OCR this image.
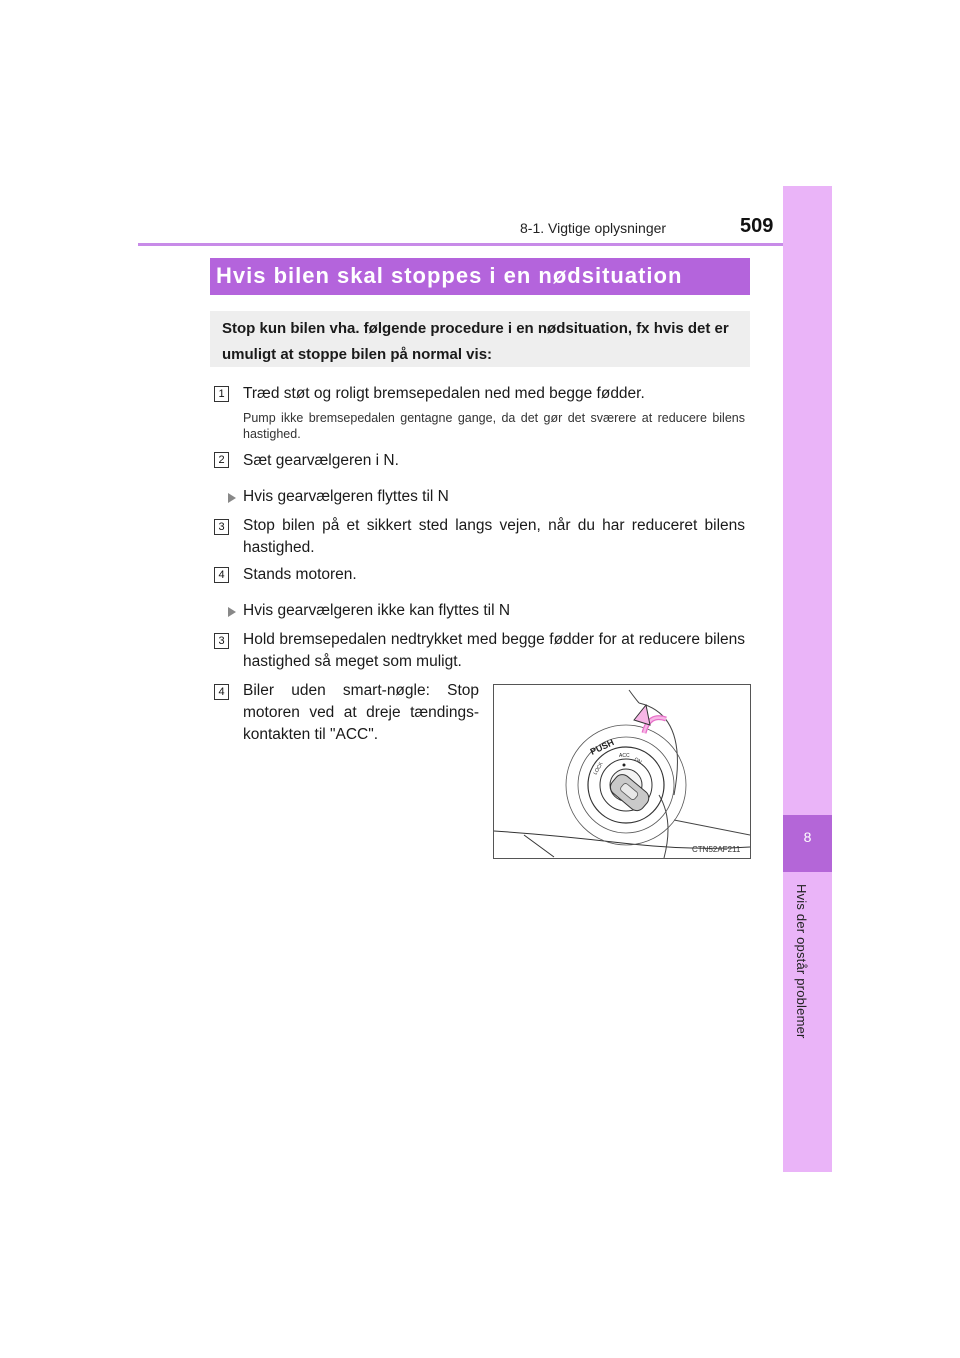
8-1. Vigtige oplysninger	509
8
Hvis der opstår problemer
Hvis bilen skal stoppes i en nødsituation
Stop kun bilen vha. følgende procedure i en nødsituation, fx hvis det er umuligt at stoppe bilen på normal vis:
1 Træd støt og roligt bremsepedalen ned med begge fødder.
Pump ikke bremsepedalen gentagne gange, da det gør det sværere at reducere bilens hastighed.
2 Sæt gearvælgeren i N.
Hvis gearvælgeren flyttes til N
3 Stop bilen på et sikkert sted langs vejen, når du har reduceret bilens hastighed.
4 Stands motoren.
Hvis gearvælgeren ikke kan flyttes til N
3 Hold bremsepedalen nedtrykket med begge fødder for at reducere bilens hastighed så meget som muligt.
4 Biler uden smart-nøgle: Stop motoren ved at dreje tændings-kontakten til "ACC".
PUSH
LOCK
ACC
ON
CTN52AF211
